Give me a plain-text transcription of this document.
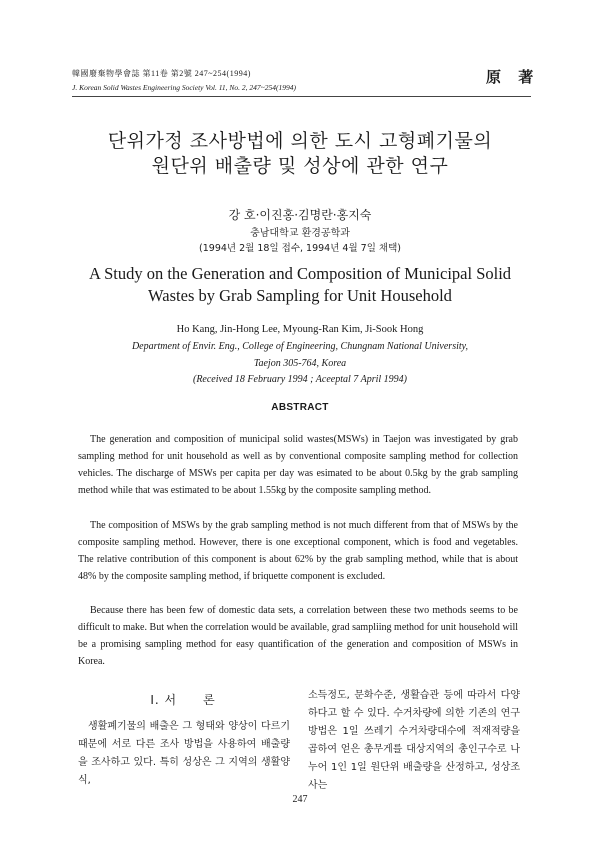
韓國廢棄物學會誌 第11卷 第2號 247~254(1994)
J. Korean Solid Wastes Engineering Society Vol. 11, No. 2, 247~254(1994)
原 著
단위가정 조사방법에 의한 도시 고형폐기물의
원단위 배출량 및 성상에 관한 연구
강 호·이진홍·김명란·홍지숙
충남대학교 환경공학과
(1994년 2월 18일 접수, 1994년 4월 7일 채택)
A Study on the Generation and Composition of Municipal Solid
Wastes by Grab Sampling for Unit Household
Ho Kang, Jin-Hong Lee, Myoung-Ran Kim, Ji-Sook Hong
Department of Envir. Eng., College of Engineering, Chungnam National University,
Taejon 305-764, Korea
(Received 18 February 1994 ; Aceeptal 7 April 1994)
ABSTRACT

The generation and composition of municipal solid wastes(MSWs) in Taejon was investigated by grab sampling method for unit household as well as by conventional composite sampling method for collection vehicles. The discharge of MSWs per capita per day was esimated to be about 0.5kg by the grab sampling method while that was estimated to be about 1.55kg by the composite sampling method.

The composition of MSWs by the grab sampling method is not much different from that of MSWs by the composite sampling method. However, there is one exceptional component, which is food and vegetables. The relative contribution of this component is about 62% by the grab sampling method, while that is about 48% by the composite sampling method, if briquette component is excluded.

Because there has been few of domestic data sets, a correlation between these two methods seems to be difficult to make. But when the correlation would be available, grad sampliing method for unit household will be a promising sampling method for easy quantification of the generation and composition of MSWs in Korea.

I. 서　　론

생활폐기물의 배출은 그 형태와 양상이 다르기 때문에 서로 다른 조사 방법을 사용하여 배출량을 조사하고 있다. 특히 성상은 그 지역의 생활양식,

소득정도, 문화수준, 생활습관 등에 따라서 다양하다고 할 수 있다. 수거차량에 의한 기존의 연구 방법은 1일 쓰레기 수거차량대수에 적재적량을 곱하여 얻은 총무게를 대상지역의 총인구수로 나누어 1인 1일 원단위 배출량을 산정하고, 성상조사는

247
